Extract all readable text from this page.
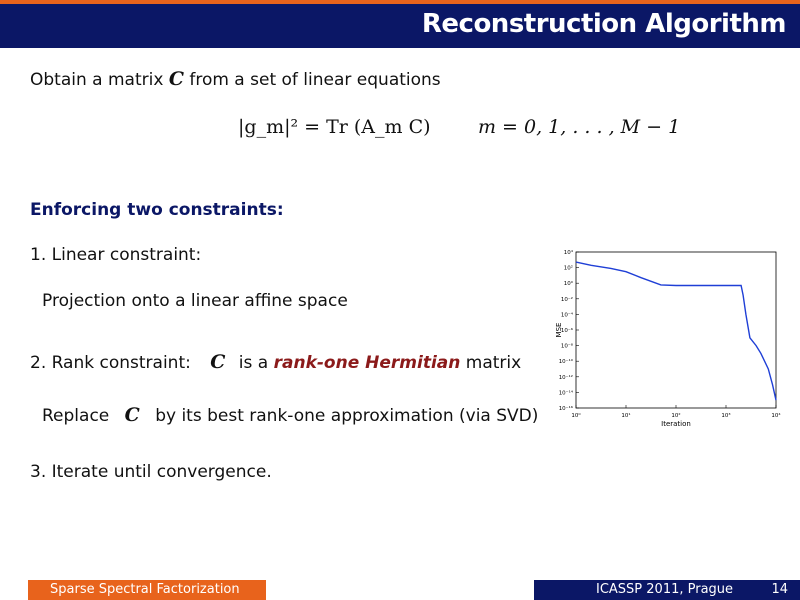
Reconstruction Algorithm
Obtain a matrix C from a set of linear equations
|g_m|² = Tr (A_m C) m = 0, 1, . . . , M − 1
Enforcing two constraints:
1. Linear constraint:
Projection onto a linear affine space
2. Rank constraint: C is a rank-one Hermitian matrix
Replace C by its best rank-one approximation (via SVD)
3. Iterate until convergence.
10⁴
10²
10⁰
10⁻²
10⁻⁴
10⁻⁶
10⁻⁸
10⁻¹⁰
10⁻¹²
10⁻¹⁴
10⁻¹⁶
10⁰	10¹	10²	10³	10⁴
Iteration
MSE
Sparse Spectral Factorization	ICASSP 2011, Prague	14
